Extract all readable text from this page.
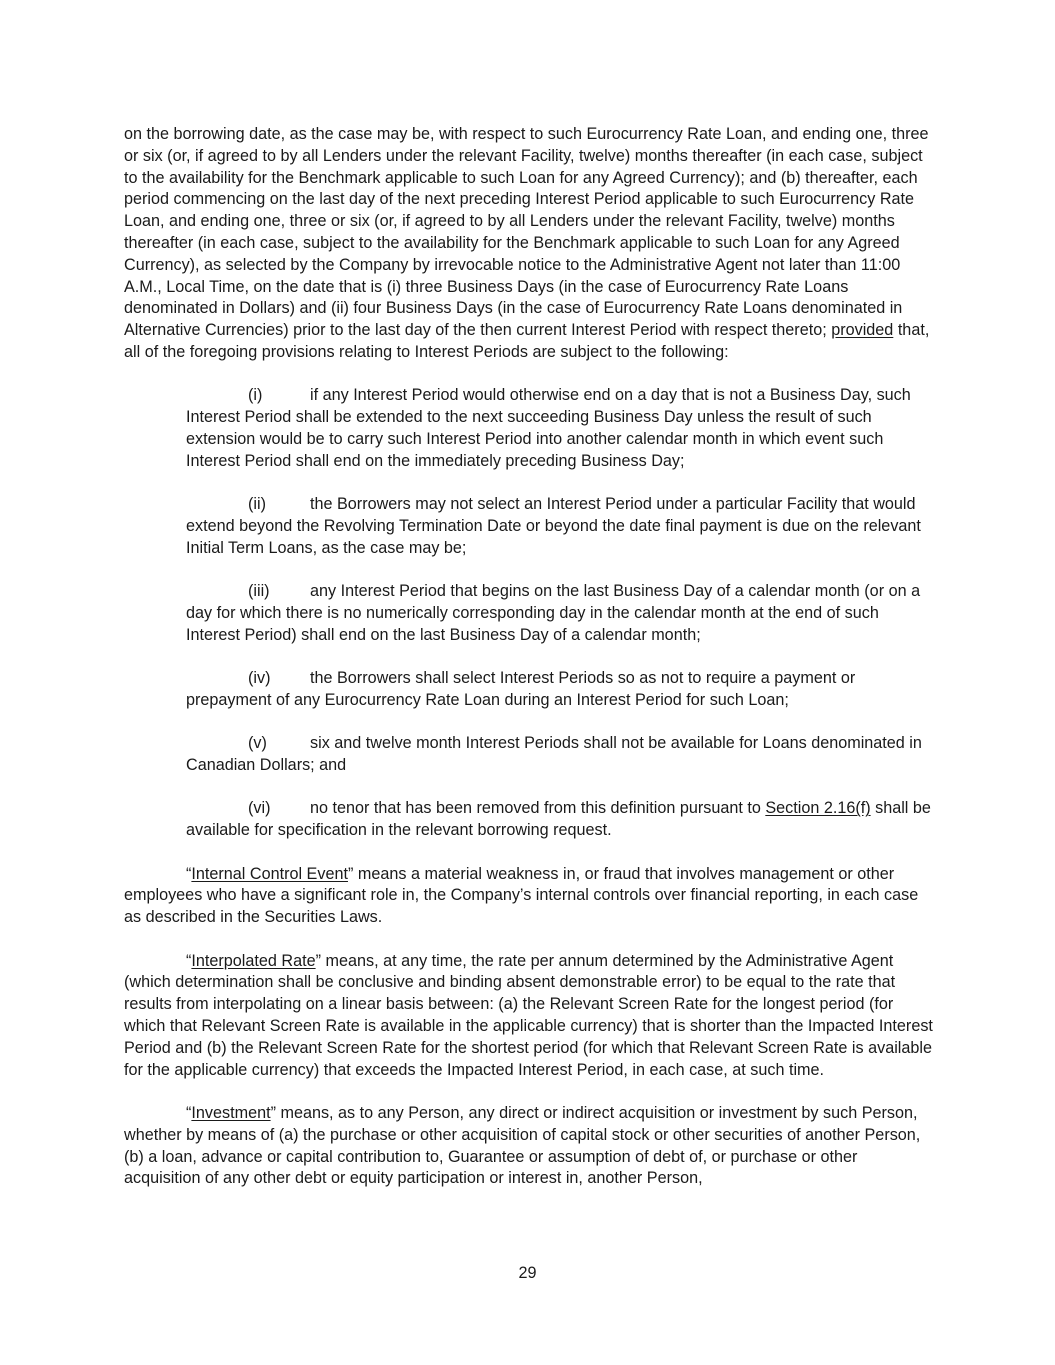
on the borrowing date, as the case may be, with respect to such Eurocurrency Rate Loan, and ending one, three or six (or, if agreed to by all Lenders under the relevant Facility, twelve) months thereafter (in each case, subject to the availability for the Benchmark applicable to such Loan for any Agreed Currency); and (b) thereafter, each period commencing on the last day of the next preceding Interest Period applicable to such Eurocurrency Rate Loan, and ending one, three or six (or, if agreed to by all Lenders under the relevant Facility, twelve) months thereafter (in each case, subject to the availability for the Benchmark applicable to such Loan for any Agreed Currency), as selected by the Company by irrevocable notice to the Administrative Agent not later than 11:00 A.M., Local Time, on the date that is (i) three Business Days (in the case of Eurocurrency Rate Loans denominated in Dollars) and (ii) four Business Days (in the case of Eurocurrency Rate Loans denominated in Alternative Currencies) prior to the last day of the then current Interest Period with respect thereto; provided that, all of the foregoing provisions relating to Interest Periods are subject to the following:

(i)	if any Interest Period would otherwise end on a day that is not a Business Day, such Interest Period shall be extended to the next succeeding Business Day unless the result of such extension would be to carry such Interest Period into another calendar month in which event such Interest Period shall end on the immediately preceding Business Day;

(ii)	the Borrowers may not select an Interest Period under a particular Facility that would extend beyond the Revolving Termination Date or beyond the date final payment is due on the relevant Initial Term Loans, as the case may be;

(iii) any Interest Period that begins on the last Business Day of a calendar month (or on a day for which there is no numerically corresponding day in the calendar month at the end of such Interest Period) shall end on the last Business Day of a calendar month;

(iv) the Borrowers shall select Interest Periods so as not to require a payment or prepayment of any Eurocurrency Rate Loan during an Interest Period for such Loan;

(v)	six and twelve month Interest Periods shall not be available for Loans denominated in Canadian Dollars; and

(vi) no tenor that has been removed from this definition pursuant to Section 2.16(f) shall be available for specification in the relevant borrowing request.

“Internal Control Event” means a material weakness in, or fraud that involves management or other employees who have a significant role in, the Company’s internal controls over financial reporting, in each case as described in the Securities Laws.

“Interpolated Rate” means, at any time, the rate per annum determined by the Administrative Agent (which determination shall be conclusive and binding absent demonstrable error) to be equal to the rate that results from interpolating on a linear basis between: (a) the Relevant Screen Rate for the longest period (for which that Relevant Screen Rate is available in the applicable currency) that is shorter than the Impacted Interest Period and (b) the Relevant Screen Rate for the shortest period (for which that Relevant Screen Rate is available for the applicable currency) that exceeds the Impacted Interest Period, in each case, at such time.

“Investment” means, as to any Person, any direct or indirect acquisition or investment by such Person, whether by means of (a) the purchase or other acquisition of capital stock or other securities of another Person, (b) a loan, advance or capital contribution to, Guarantee or assumption of debt of, or purchase or other acquisition of any other debt or equity participation or interest in, another Person,

29
